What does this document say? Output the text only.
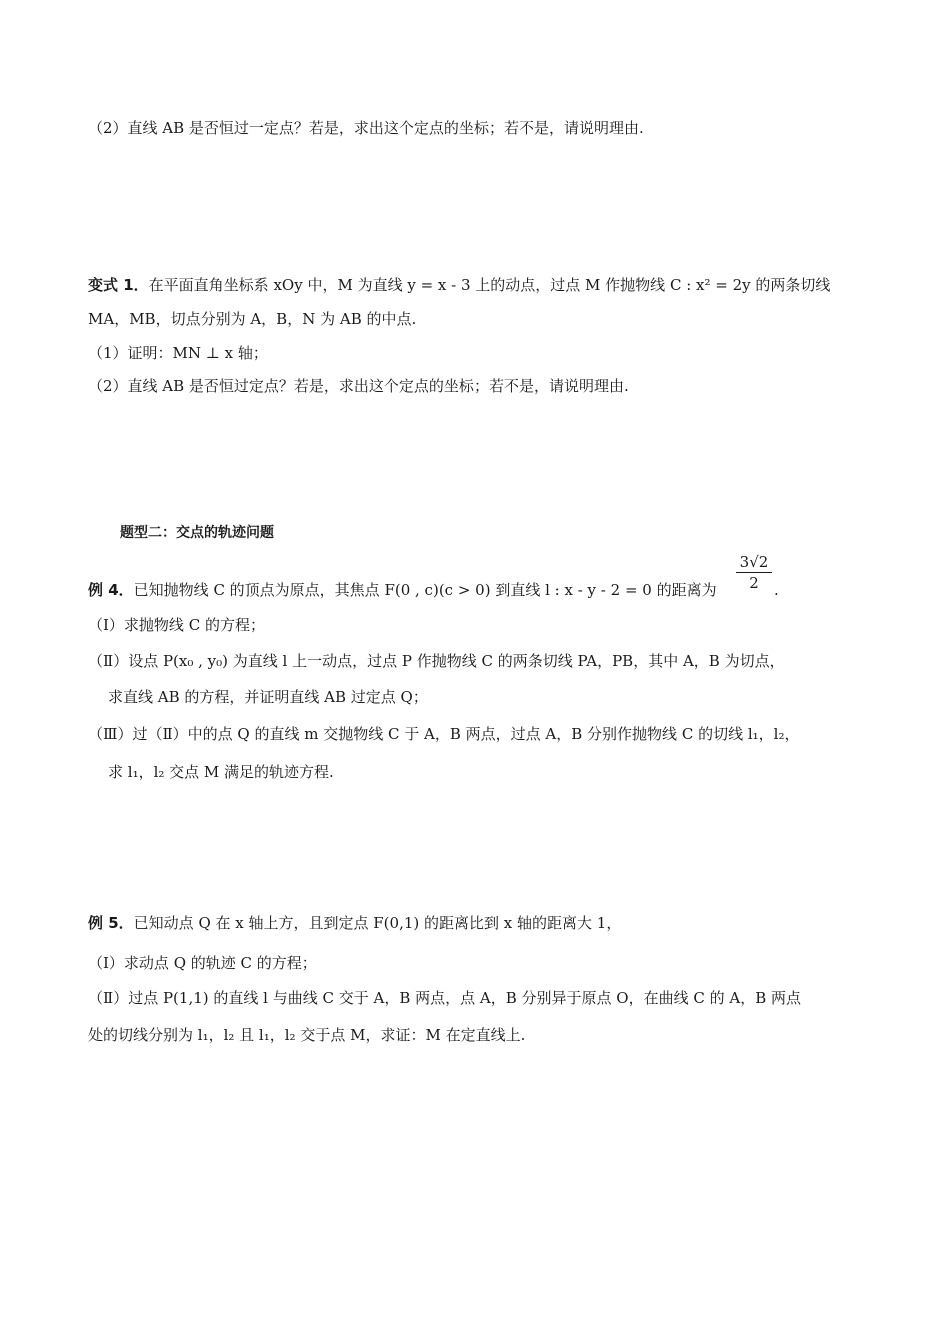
（2）直线 AB 是否恒过一定点？若是，求出这个定点的坐标；若不是，请说明理由.
变式 1．在平面直角坐标系 xOy 中，M 为直线 y = x - 3 上的动点，过点 M 作抛物线 C : x² = 2y 的两条切线
MA，MB，切点分别为 A，B，N 为 AB 的中点.
（1）证明：MN ⊥ x 轴；
（2）直线 AB 是否恒过定点？若是，求出这个定点的坐标；若不是，请说明理由.
题型二：交点的轨迹问题
例 4．已知抛物线 C 的顶点为原点，其焦点 F(0 , c)(c > 0) 到直线 l : x - y - 2 = 0 的距离为 $\frac{3√2}{2}$ .
（Ⅰ）求抛物线 C 的方程；
（Ⅱ）设点 P(x₀ , y₀) 为直线 l 上一动点，过点 P 作抛物线 C 的两条切线 PA，PB，其中 A，B 为切点，
求直线 AB 的方程，并证明直线 AB 过定点 Q；
（Ⅲ）过（Ⅱ）中的点 Q 的直线 m 交抛物线 C 于 A，B 两点，过点 A，B 分别作抛物线 C 的切线 l₁，l₂，
求 l₁，l₂ 交点 M 满足的轨迹方程.
例 5．已知动点 Q 在 x 轴上方，且到定点 F(0,1) 的距离比到 x 轴的距离大 1，
（Ⅰ）求动点 Q 的轨迹 C 的方程；
（Ⅱ）过点 P(1,1) 的直线 l 与曲线 C 交于 A，B 两点，点 A，B 分别异于原点 O，在曲线 C 的 A，B 两点
处的切线分别为 l₁，l₂ 且 l₁，l₂ 交于点 M，求证：M 在定直线上.
